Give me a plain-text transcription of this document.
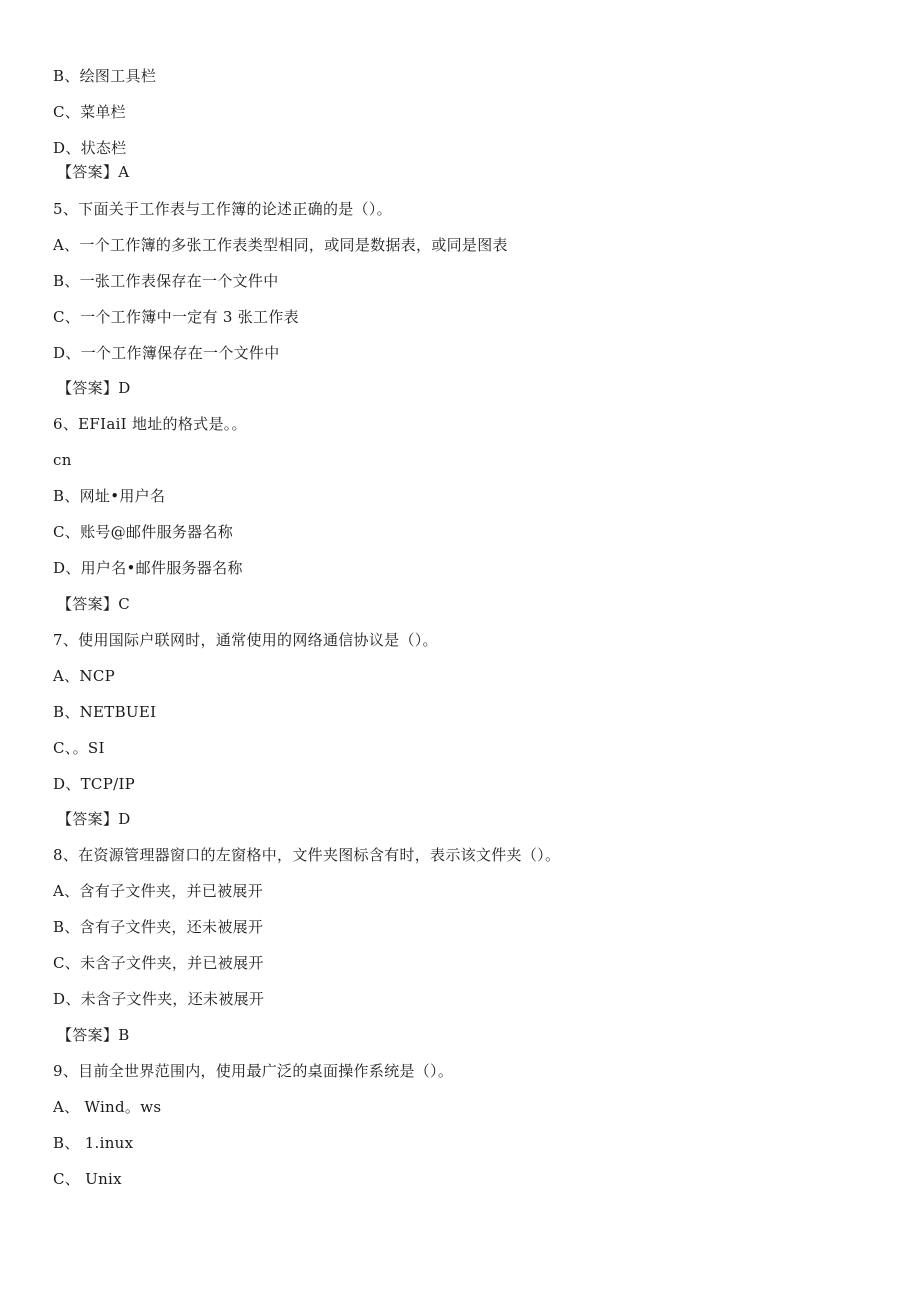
B、绘图工具栏
C、菜单栏
D、状态栏
【答案】A
5、下面关于工作表与工作簿的论述正确的是（）。
A、一个工作簿的多张工作表类型相同，或同是数据表，或同是图表
B、一张工作表保存在一个文件中
C、一个工作簿中一定有 3 张工作表
D、一个工作簿保存在一个文件中
【答案】D
6、EFIaiI 地址的格式是。。
cn
B、网址•用户名
C、账号@邮件服务器名称
D、用户名•邮件服务器名称
【答案】C
7、使用国际户联网时，通常使用的网络通信协议是（）。
A、NCP
B、NETBUEI
C、。SI
D、TCP/IP
【答案】D
8、在资源管理器窗口的左窗格中，文件夹图标含有时，表示该文件夹（）。
A、含有子文件夹，并已被展开
B、含有子文件夹，还未被展开
C、未含子文件夹，并已被展开
D、未含子文件夹，还未被展开
【答案】B
9、目前全世界范围内，使用最广泛的桌面操作系统是（）。
A、 Wind。ws
B、 1.inux
C、 Unix
